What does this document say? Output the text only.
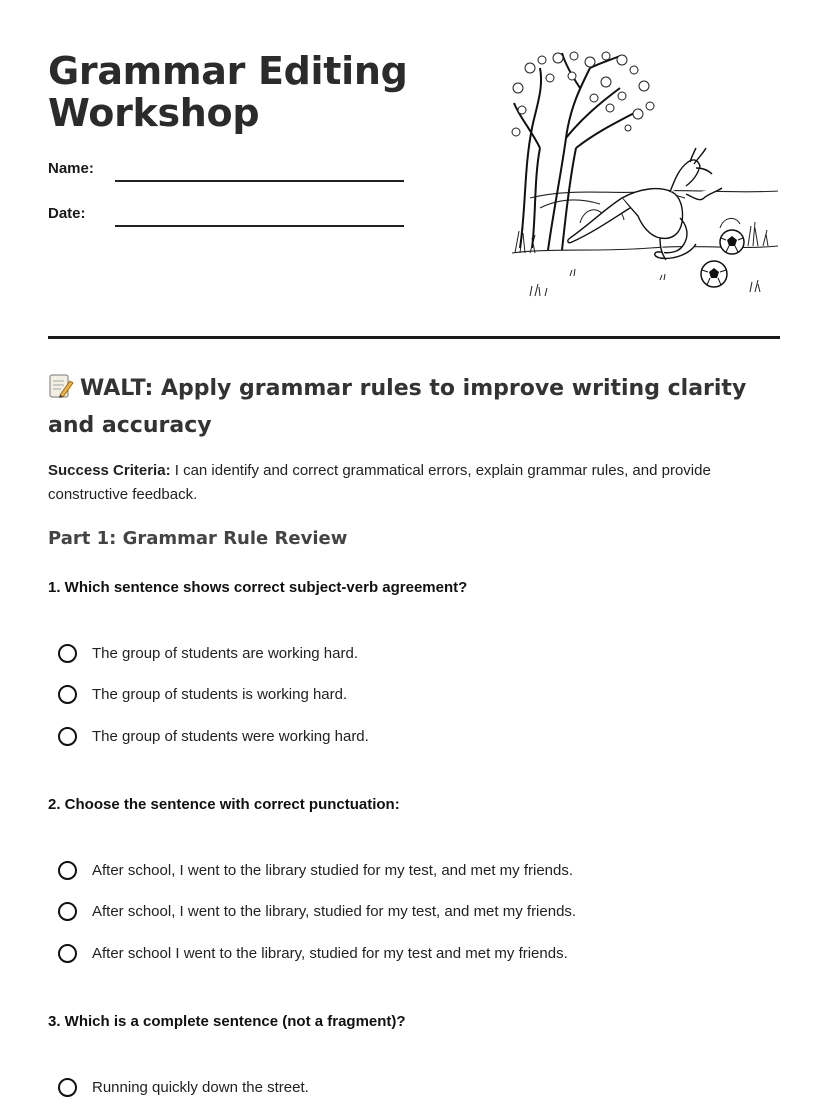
Grammar Editing
Workshop
Name:
Date:
WALT: Apply grammar rules to improve writing clarity and accuracy
Success Criteria: I can identify and correct grammatical errors, explain grammar rules, and provide constructive feedback.
Part 1: Grammar Rule Review
1. Which sentence shows correct subject-verb agreement?
The group of students are working hard.
The group of students is working hard.
The group of students were working hard.
2. Choose the sentence with correct punctuation:
After school, I went to the library studied for my test, and met my friends.
After school, I went to the library, studied for my test, and met my friends.
After school I went to the library, studied for my test and met my friends.
3. Which is a complete sentence (not a fragment)?
Running quickly down the street.
